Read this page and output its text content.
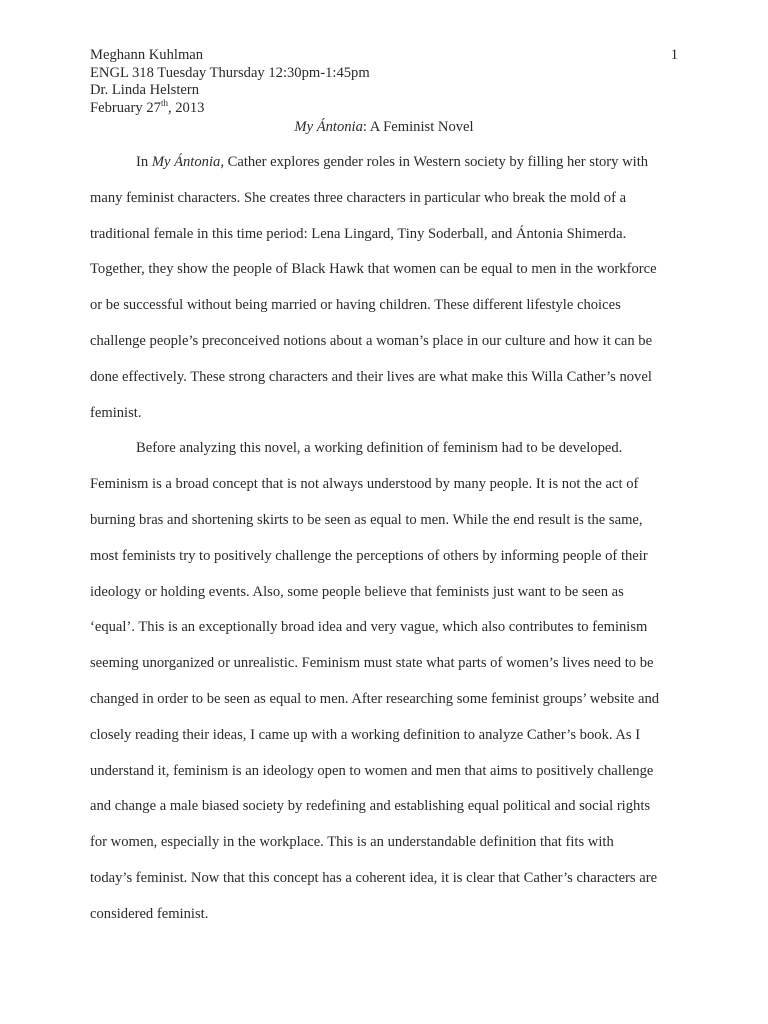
Meghann Kuhlman
ENGL 318 Tuesday Thursday 12:30pm-1:45pm
Dr. Linda Helstern
February 27th, 2013
1
My Ántonia: A Feminist Novel
In My Ántonia, Cather explores gender roles in Western society by filling her story with
many feminist characters. She creates three characters in particular who break the mold of a
traditional female in this time period: Lena Lingard, Tiny Soderball, and Ántonia Shimerda.
Together, they show the people of Black Hawk that women can be equal to men in the workforce
or be successful without being married or having children. These different lifestyle choices
challenge people’s preconceived notions about a woman’s place in our culture and how it can be
done effectively. These strong characters and their lives are what make this Willa Cather’s novel
feminist.
Before analyzing this novel, a working definition of feminism had to be developed.
Feminism is a broad concept that is not always understood by many people. It is not the act of
burning bras and shortening skirts to be seen as equal to men. While the end result is the same,
most feminists try to positively challenge the perceptions of others by informing people of their
ideology or holding events. Also, some people believe that feminists just want to be seen as
‘equal’. This is an exceptionally broad idea and very vague, which also contributes to feminism
seeming unorganized or unrealistic. Feminism must state what parts of women’s lives need to be
changed in order to be seen as equal to men. After researching some feminist groups’ website and
closely reading their ideas, I came up with a working definition to analyze Cather’s book. As I
understand it, feminism is an ideology open to women and men that aims to positively challenge
and change a male biased society by redefining and establishing equal political and social rights
for women, especially in the workplace. This is an understandable definition that fits with
today’s feminist. Now that this concept has a coherent idea, it is clear that Cather’s characters are
considered feminist.
